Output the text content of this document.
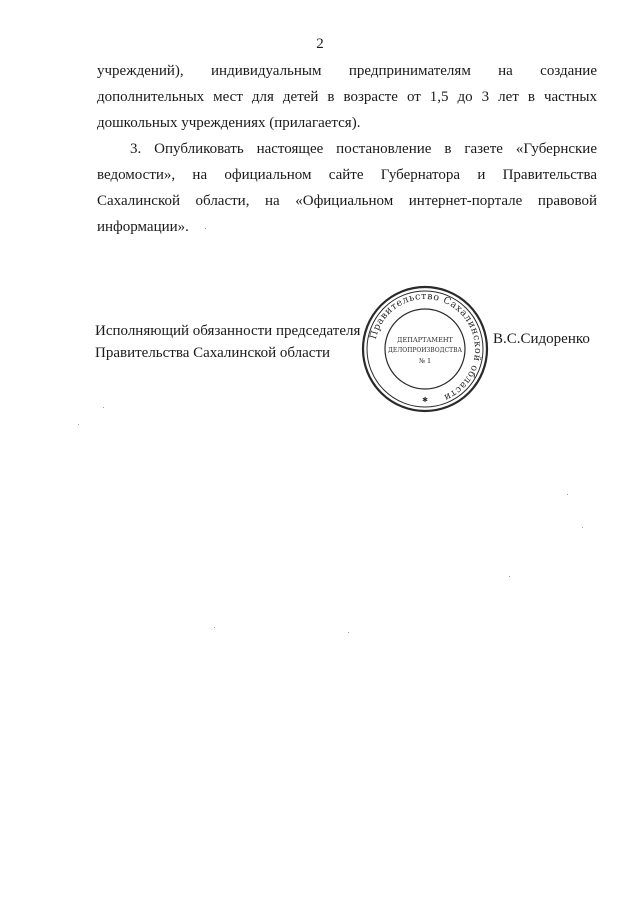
2
учреждений), индивидуальным предпринимателям на создание
дополнительных мест для детей в возрасте от 1,5 до 3 лет в частных
дошкольных учреждениях (прилагается).
3. Опубликовать настоящее постановление в газете «Губернские
ведомости», на официальном сайте Губернатора и Правительства
Сахалинской области, на «Официальном интернет-портале правовой
информации».
Исполняющий обязанности председателя
Правительства Сахалинской области
В.С.Сидоренко
Правительство Сахалинской области
ДЕПАРТАМЕНТ
ДЕЛОПРОИЗВОДСТВА
№ 1
✱
